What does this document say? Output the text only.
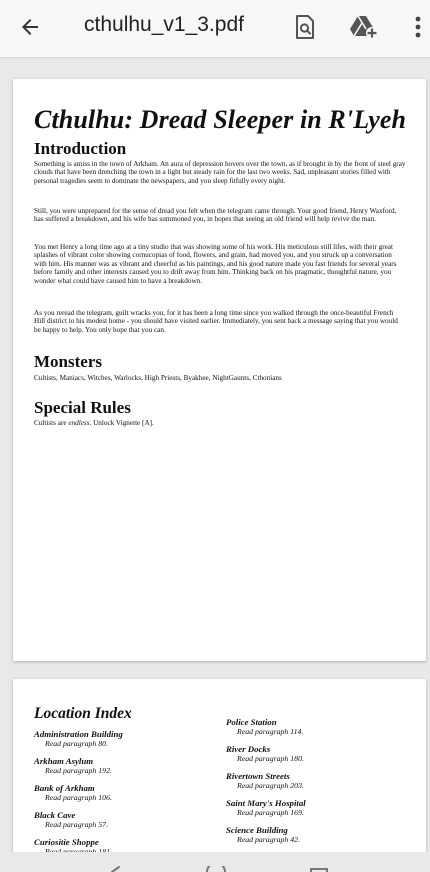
cthulhu_v1_3.pdf
Cthulhu: Dread Sleeper in R'Lyeh
Introduction

Something is amiss in the town of Arkham. An aura of depression hovers over the town, as if brought in by the front of steel gray clouds that have been drenching the town in a light but steady rain for the last two weeks. Sad, unpleasant stories filled with personal tragedies seem to dominate the newspapers, and you sleep fitfully every night.

Still, you were unprepared for the sense of dread you felt when the telegram came through. Your good friend, Henry Waxford, has suffered a breakdown, and his wife has summoned you, in hopes that seeing an old friend will help revive the man.

You met Henry a long time ago at a tiny studio that was showing some of his work. His meticulous still lifes, with their great splashes of vibrant color showing cornucopias of food, flowers, and grain, had moved you, and you struck up a conversation with him. His manner was as vibrant and cheerful as his paintings, and his good nature made you fast friends for several years before family and other interests caused you to drift away from him. Thinking back on his pragmatic, thoughtful nature, you wonder what could have caused him to have a breakdown.

As you reread the telegram, guilt wracks you, for it has been a long time since you walked through the once-beautiful French Hill district to his modest home - you should have visited earlier. Immediately, you sent back a message saying that you would be happy to help. You only hope that you can.

Monsters

Cultists, Maniacs, Witches, Warlocks, High Priests, Byakhee, NightGaunts, Cthonians

Special Rules

Cultists are endless. Unlock Vignette [A].

Location Index
Administration Building
Read paragraph 80.
Arkham Asylum
Read paragraph 192.
Bank of Arkham
Read paragraph 106.
Black Cave
Read paragraph 57.
Curiositie Shoppe
Police Station
Read paragraph 114.
River Docks
Read paragraph 180.
Rivertown Streets
Read paragraph 203.
Saint Mary's Hospital
Read paragraph 169.
Science Building
Read paragraph 42.
